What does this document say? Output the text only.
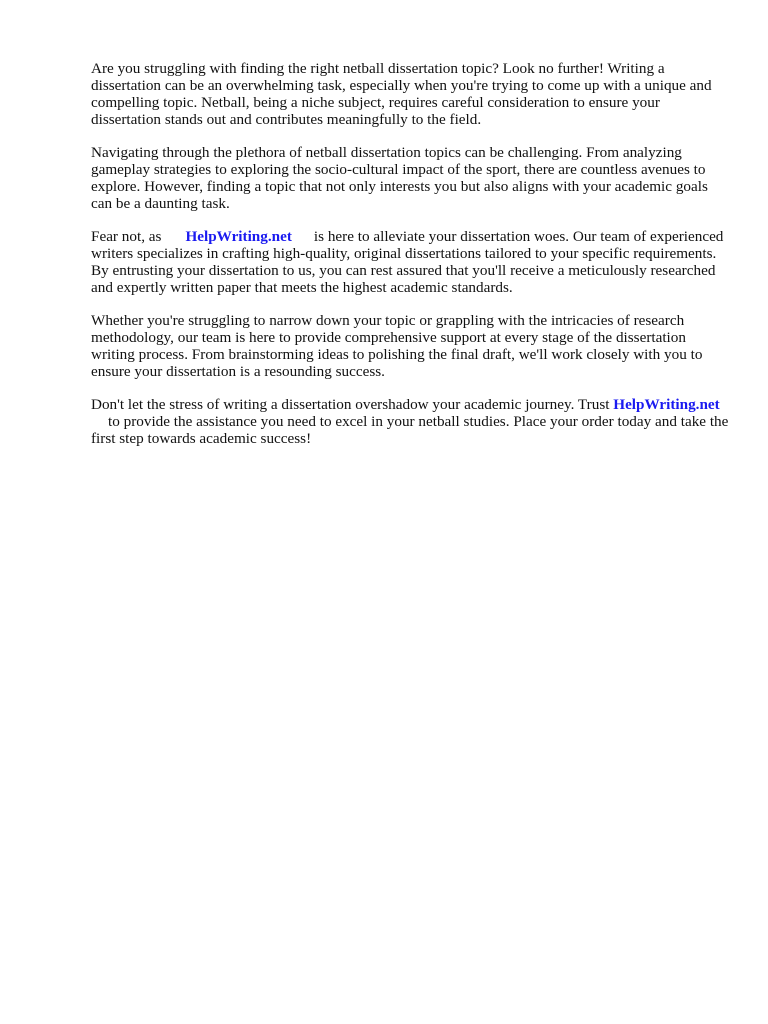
Are you struggling with finding the right netball dissertation topic? Look no further! Writing a dissertation can be an overwhelming task, especially when you're trying to come up with a unique and compelling topic. Netball, being a niche subject, requires careful consideration to ensure your dissertation stands out and contributes meaningfully to the field.

Navigating through the plethora of netball dissertation topics can be challenging. From analyzing gameplay strategies to exploring the socio-cultural impact of the sport, there are countless avenues to explore. However, finding a topic that not only interests you but also aligns with your academic goals can be a daunting task.

Fear not, as HelpWriting.net is here to alleviate your dissertation woes. Our team of experienced writers specializes in crafting high-quality, original dissertations tailored to your specific requirements. By entrusting your dissertation to us, you can rest assured that you'll receive a meticulously researched and expertly written paper that meets the highest academic standards.

Whether you're struggling to narrow down your topic or grappling with the intricacies of research methodology, our team is here to provide comprehensive support at every stage of the dissertation writing process. From brainstorming ideas to polishing the final draft, we'll work closely with you to ensure your dissertation is a resounding success.

Don't let the stress of writing a dissertation overshadow your academic journey. Trust HelpWriting.netto provide the assistance you need to excel in your netball studies. Place your order today and take the first step towards academic success!
